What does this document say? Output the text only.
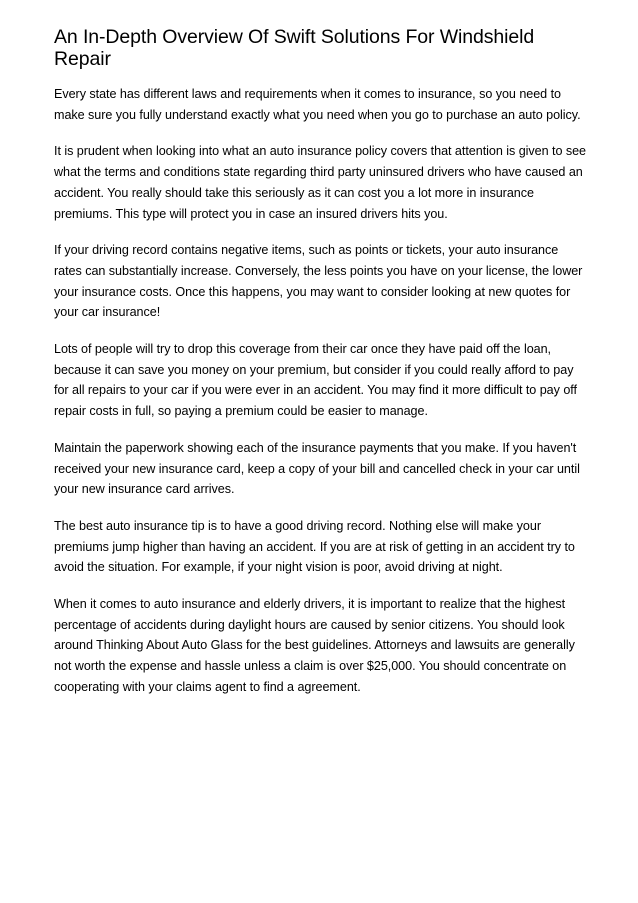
An In-Depth Overview Of Swift Solutions For Windshield Repair

Every state has different laws and requirements when it comes to insurance, so you need to make sure you fully understand exactly what you need when you go to purchase an auto policy.

It is prudent when looking into what an auto insurance policy covers that attention is given to see what the terms and conditions state regarding third party uninsured drivers who have caused an accident. You really should take this seriously as it can cost you a lot more in insurance premiums. This type will protect you in case an insured drivers hits you.

If your driving record contains negative items, such as points or tickets, your auto insurance rates can substantially increase. Conversely, the less points you have on your license, the lower your insurance costs. Once this happens, you may want to consider looking at new quotes for your car insurance!

Lots of people will try to drop this coverage from their car once they have paid off the loan, because it can save you money on your premium, but consider if you could really afford to pay for all repairs to your car if you were ever in an accident. You may find it more difficult to pay off repair costs in full, so paying a premium could be easier to manage.

Maintain the paperwork showing each of the insurance payments that you make. If you haven't received your new insurance card, keep a copy of your bill and cancelled check in your car until your new insurance card arrives.

The best auto insurance tip is to have a good driving record. Nothing else will make your premiums jump higher than having an accident. If you are at risk of getting in an accident try to avoid the situation. For example, if your night vision is poor, avoid driving at night.

When it comes to auto insurance and elderly drivers, it is important to realize that the highest percentage of accidents during daylight hours are caused by senior citizens. You should look around Thinking About Auto Glass for the best guidelines. Attorneys and lawsuits are generally not worth the expense and hassle unless a claim is over $25,000. You should concentrate on cooperating with your claims agent to find a agreement.
